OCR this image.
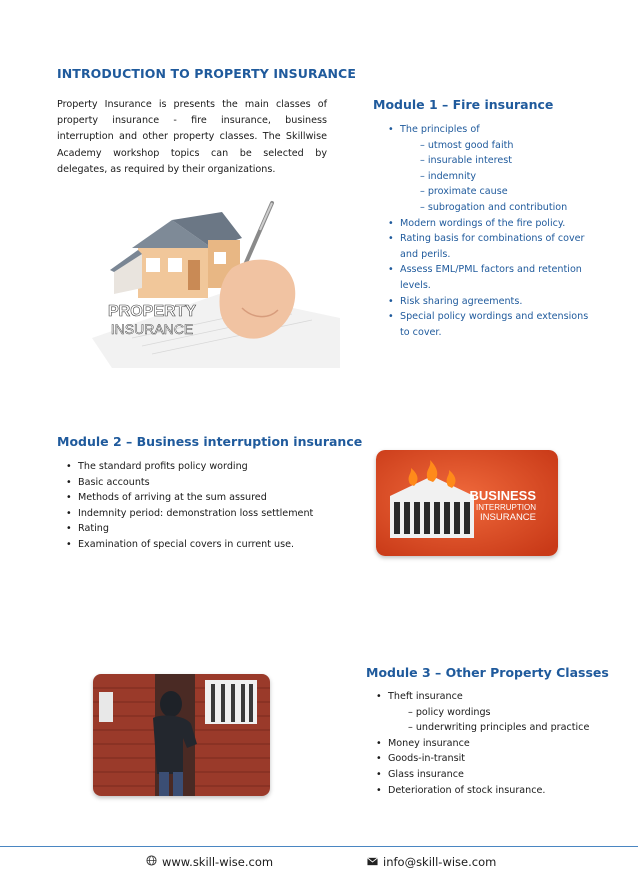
INTRODUCTION TO PROPERTY INSURANCE

Property Insurance is presents the main classes of property insurance - fire insurance, business interruption and other property classes. The Skillwise Academy workshop topics can be selected by delegates, as required by their organizations.

PROPERTY
INSURANCE
Module 1 – Fire insurance
• The principles of
– utmost good faith
– insurable interest
– indemnity
– proximate cause
– subrogation and contribution
• Modern wordings of the fire policy.
• Rating basis for combinations of cover and perils.
• Assess EML/PML factors and retention levels.
• Risk sharing agreements.
• Special policy wordings and extensions to cover.
Module 2 – Business interruption insurance
• The standard profits policy wording
• Basic accounts
• Methods of arriving at the sum assured
• Indemnity period: demonstration loss settlement
• Rating
• Examination of special covers in current use.
BUSINESS
INTERRUPTION
INSURANCE
Module 3 – Other Property Classes
• Theft insurance
– policy wordings
– underwriting principles and practice
• Money insurance
• Goods-in-transit
• Glass insurance
• Deterioration of stock insurance.
www.skill-wise.com	info@skill-wise.com
